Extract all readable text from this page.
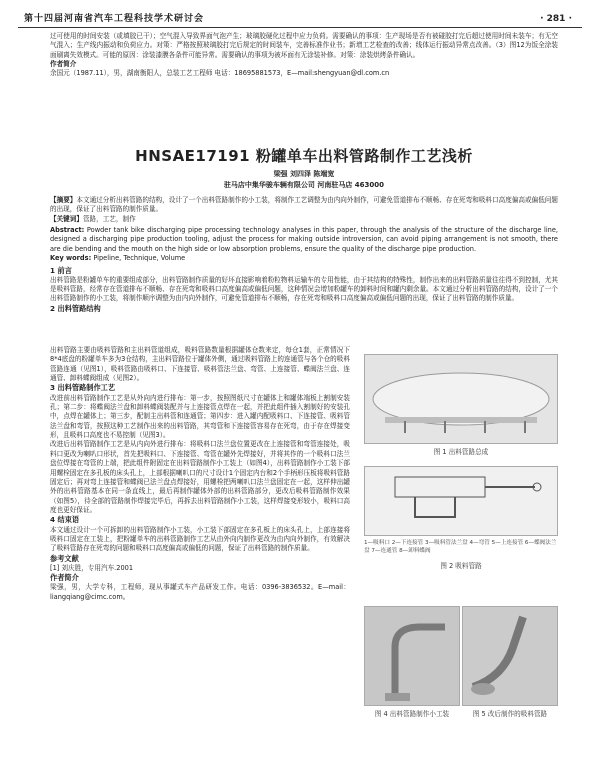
第十四届河南省汽车工程科技学术研讨会	· 281 ·

过可使用的时间安装（或填胶已干）；空气混入导致界面气泡产生；玻璃胶硬化过程中应力负荷。需要确认的事项：生产现场是否有被碰胶打完后超过使用时间未装车；有无空气混入；生产线内振动和负荷应力。对策：严格按照玻璃胶打完后规定的时间装车，完善标准作业书；新增工艺检查的改善；线体运行振动异常点改善。（3）图12为饭全涂装面刷离失效模式。可能的原因：涂装漆膜各条件可能异常。需要确认的事项为被坏面有无涂装补修。对策：涂装烘烤条件确认。

作者简介

余国元（1987.11），男，湖南衡阳人，总装工艺工程师 电话：18695881573，E—mail:shengyuan@dl.com.cn

HNSAE17191 粉罐单车出料管路制作工艺浅析
梁强 刘四泽 陈端宽
驻马店中集华骏车辆有限公司 河南驻马店 463000

【摘要】本文通过分析出料管路的结构，设计了一个出料管路制作的小工装，将制作工艺调整为由内向外制作，可避免管道排布不顺畅、存在死弯和吸料口高度偏高或偏低问题的出现，保证了出料管路的制作质量。

【关键词】管路，工艺，制作

Abstract: Powder tank bike discharging pipe processing technology analyses in this paper, through the analysis of the structure of the discharge line, designed a discharging pipe production tooling, adjust the process for making outside introversion, can avoid piping arrangement is not smooth, there are die bending and the mouth on the high side or low absorption problems, ensure the quality of the discharge pipe production.

Key words: Pipeline, Technique, Volume

1 前言

出料管路是粉罐单车的重要组成部分，出料管路制作质量的好坏直接影响着粉粒物料运输车的专用性能，由于其结构的特殊性，制作出来的出料管路质量往往得不到控制，尤其是吸料管路，经常存在管道排布不顺畅、存在死弯和吸料口高度偏高或偏低问题，这种情况会增加粉罐车的卸料时间和罐内剩余量。本文通过分析出料管路的结构，设计了一个出料管路制作的小工装，将制作顺序调整为由内向外制作，可避免管道排布不顺畅，存在死弯和吸料口高度偏高或偏低问题的出现，保证了出料管路的制作质量。

2 出料管路结构

出料管路主要由吸料管路和主出料管道组成，吸料管路数量根据罐体仓数来定，每仓1套，正常情况下8*4底盘的粉罐单车多为3仓结构，主出料管路位于罐体外侧，通过吸料管路上的连通管与各个仓的吸料管路连通（见图1），吸料管路由吸料口、下连接管、吸料管法兰盘、弯管、上连接管、蝶阀法兰盘、连通管、卸料蝶阀组成（见图2）。

3 出料管路制作工艺

改进前出料管路制作工艺是从外向内进行排布：第一步，按照图纸尺寸在罐体上和罐体端板上割制安装孔；第二步：将蝶阀法兰盘和卸料蝶阀装配并与上连接管点焊在一起，并把此组件插入割制好的安装孔中，点焊在罐体上；第三步，配制主出料管和连通管；第四步：进入罐内配吸料口、下连接管、吸料管法兰盘和弯管，按照这种工艺制作出来的出料管路，其弯管和下连接管容易存在死弯，由于存在焊接变形，且吸料口高度也不易控制（见图3）。

改进后出料管路制作工艺是从内向外进行排布：将吸料口法兰盘位置更改在上连接管和弯管连接处，吸料口更改为喇叭口形状，首先把吸料口、下连接管、弯管在罐外先焊接好，并将其作的一个吸料口法兰盘位焊接在弯管的上端，把此组件附固定在出料管路制作小工装上（如图4），出料管路制作小工装下部用螺栓固定在多孔板的床头孔上，上部根据喇叭口的尺寸设计1个固定内台和2个手柄形压板将吸料管路固定后；再对弯上连接管和蝶阀已法兰盘点焊接好，用螺栓把两喇叭口法兰盘固定在一起，这样伸出罐外的出料管路基本在同一条直线上，最后再制作罐体外部的出料管路部分，更改后吸料管路制作效果（如图5），待全部的管路制作焊接完毕后，再拆去出料管路制作小工装，这样焊接变形较小，吸料口高度也更好保证。

4 结束语

本文通过设计一个可拆卸的出料管路制作小工装，小工装下部固定在多孔板上的床头孔上，上部连接将吸料口固定在工装上，把粉罐单车的出料管路制作工艺从由外向内制作更改为由内向外制作，有效解决了吸料管路存在死弯的问题和吸料口高度偏高或偏低的问题，保证了出料管路的制作质量。

参考文献

[1] 刘庆胜，专用汽车.2001

作者简介

梁强，男，大学专科，工程师，现从事罐式车产品研发工作。电话：0396-3836532。E—mail：liangqiang@cimc.com。

图 1 出料管路总成
1—吸料口 2—下连接管 3—吸料管法兰盘 4—弯管 5—上连接管 6—蝶阀法兰盘 7—连通管 8—卸料蝶阀
图 2 吸料管路
图 4 出料管路制作小工装	图 5 改后制作的吸料管路
